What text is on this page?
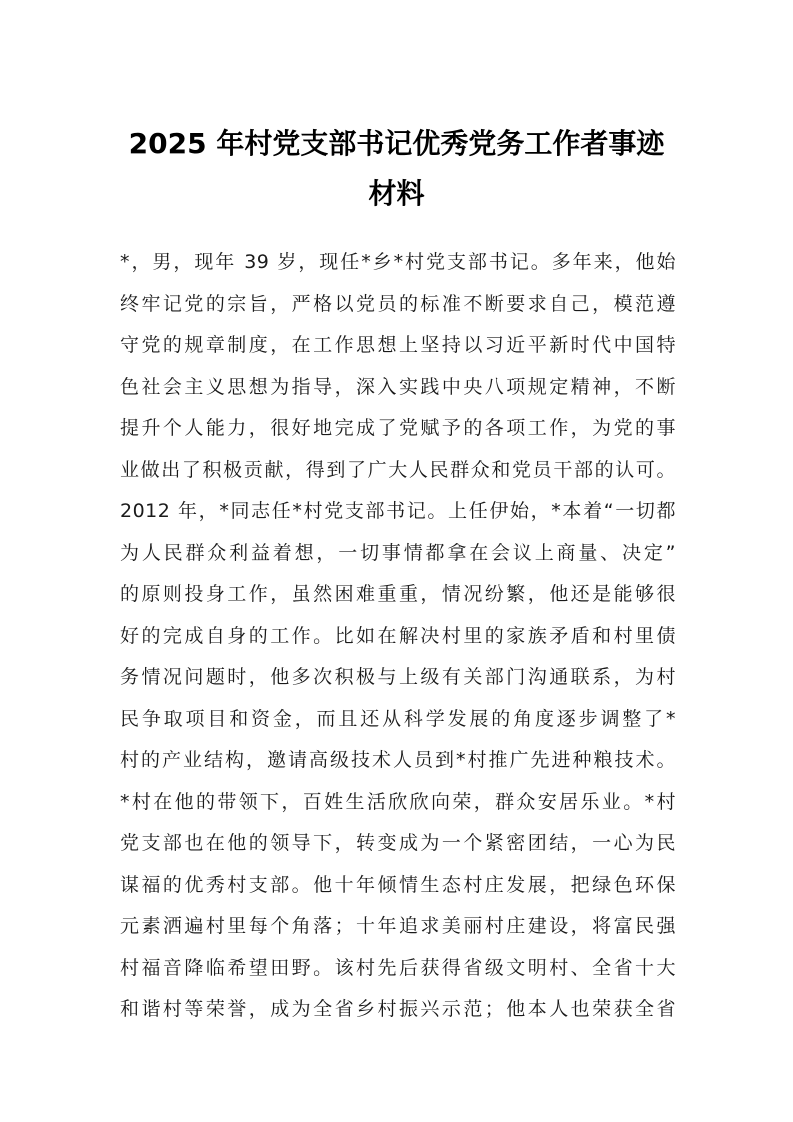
2025 年村党支部书记优秀党务工作者事迹
材料
*，男，现年 39 岁，现任*乡*村党支部书记。多年来，他始
终牢记党的宗旨，严格以党员的标准不断要求自己，模范遵
守党的规章制度，在工作思想上坚持以习近平新时代中国特
色社会主义思想为指导，深入实践中央八项规定精神，不断
提升个人能力，很好地完成了党赋予的各项工作，为党的事
业做出了积极贡献，得到了广大人民群众和党员干部的认可。
2012 年，*同志任*村党支部书记。上任伊始，*本着“一切都
为人民群众利益着想，一切事情都拿在会议上商量、决定”
的原则投身工作，虽然困难重重，情况纷繁，他还是能够很
好的完成自身的工作。比如在解决村里的家族矛盾和村里债
务情况问题时，他多次积极与上级有关部门沟通联系，为村
民争取项目和资金，而且还从科学发展的角度逐步调整了*
村的产业结构，邀请高级技术人员到*村推广先进种粮技术。
*村在他的带领下，百姓生活欣欣向荣，群众安居乐业。*村
党支部也在他的领导下，转变成为一个紧密团结，一心为民
谋福的优秀村支部。他十年倾情生态村庄发展，把绿色环保
元素洒遍村里每个角落；十年追求美丽村庄建设，将富民强
村福音降临希望田野。该村先后获得省级文明村、全省十大
和谐村等荣誉，成为全省乡村振兴示范；他本人也荣获全省
